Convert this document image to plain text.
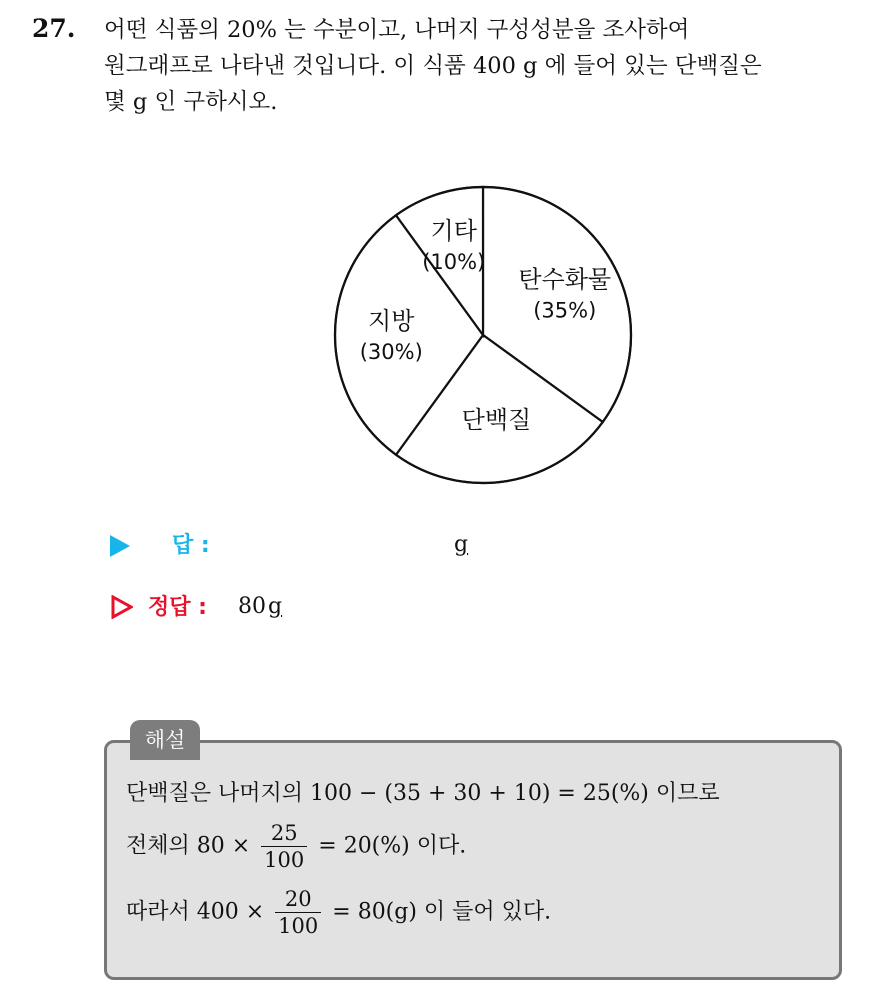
27. 어떤 식품의 20% 는 수분이고, 나머지 구성성분을 조사하여
원그래프로 나타낸 것입니다. 이 식품 400 g 에 들어 있는 단백질은
몇 g 인 구하시오.
탄수화물
(35%)
단백질
지방
(30%)
기타
(10%)
답 :	g
정답 : 80g
해설
단백질은 나머지의 100 − (35 + 30 + 10) = 25(%) 이므로
전체의 $80 \times \frac{25}{100} = 20(\%)$ 이다.
따라서 $400 \times \frac{20}{100} = 80(g)$ 이 들어 있다.
